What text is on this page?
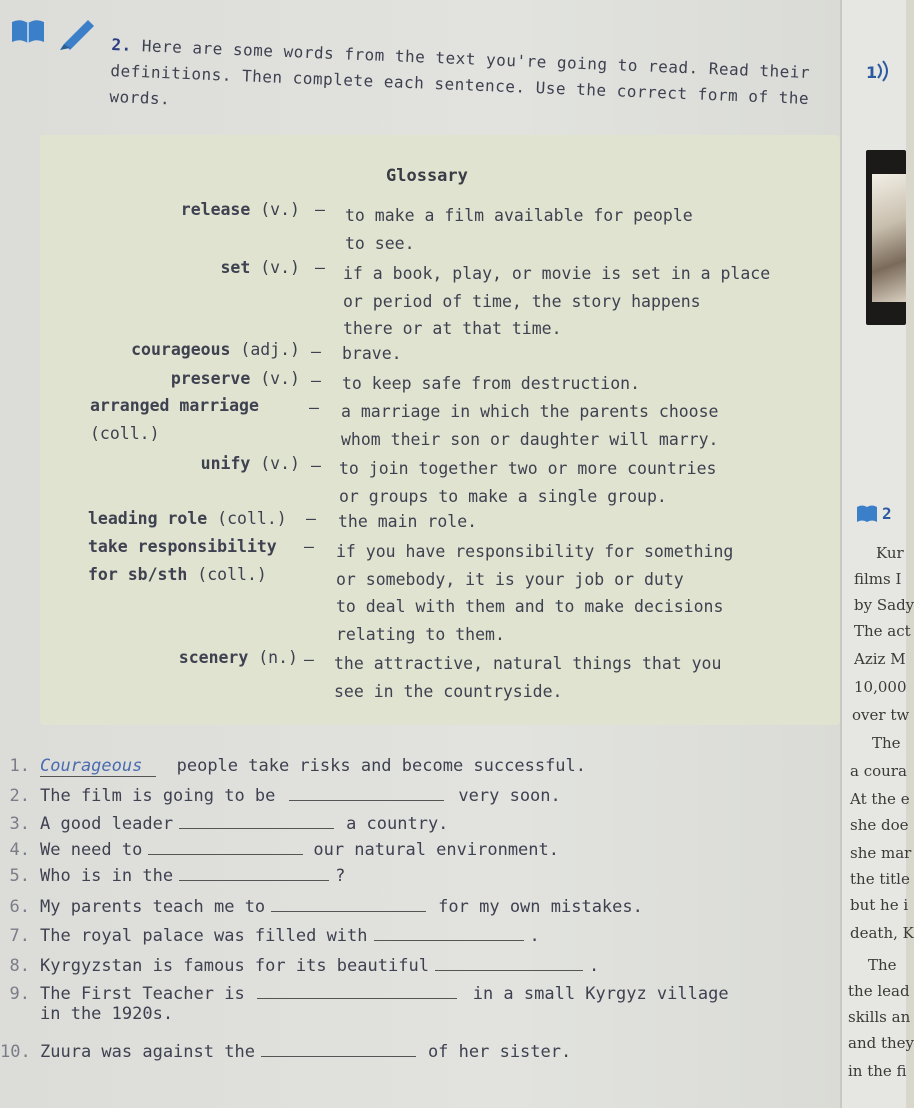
2. Here are some words from the text you're going to read. Read their definitions. Then complete each sentence. Use the correct form of the words.
Glossary
release (v.) — to make a film available for people
to see.
set (v.) — if a book, play, or movie is set in a place
or period of time, the story happens
there or at that time.
courageous (adj.) — brave.
preserve (v.) — to keep safe from destruction.
arranged marriage
(coll.)
— a marriage in which the parents choose
whom their son or daughter will marry.
unify (v.) — to join together two or more countries
or groups to make a single group.
leading role (coll.) — the main role.
take responsibility
for sb/sth (coll.)
— if you have responsibility for something
or somebody, it is your job or duty
to deal with them and to make decisions
relating to them.
scenery (n.) — the attractive, natural things that you
see in the countryside.
1. Courageous people take risks and become successful.
2. The film is going to be	very soon.
3. A good leader	a country.
4. We need to	our natural environment.
5. Who is in the	?
6. My parents teach me to	for my own mistakes.
7. The royal palace was filled with	.
8. Kyrgyzstan is famous for its beautiful	.
9. The First Teacher is	in a small Kyrgyz village
in the 1920s.
10. Zuura was against the	of her sister.
1
2
Kur
films I
by Sady
The act
Aziz M
10,000
over tw
The
a coura
At the e
she doe
she mar
the title
but he i
death, K
The
the lead
skills an
and they
in the fi
